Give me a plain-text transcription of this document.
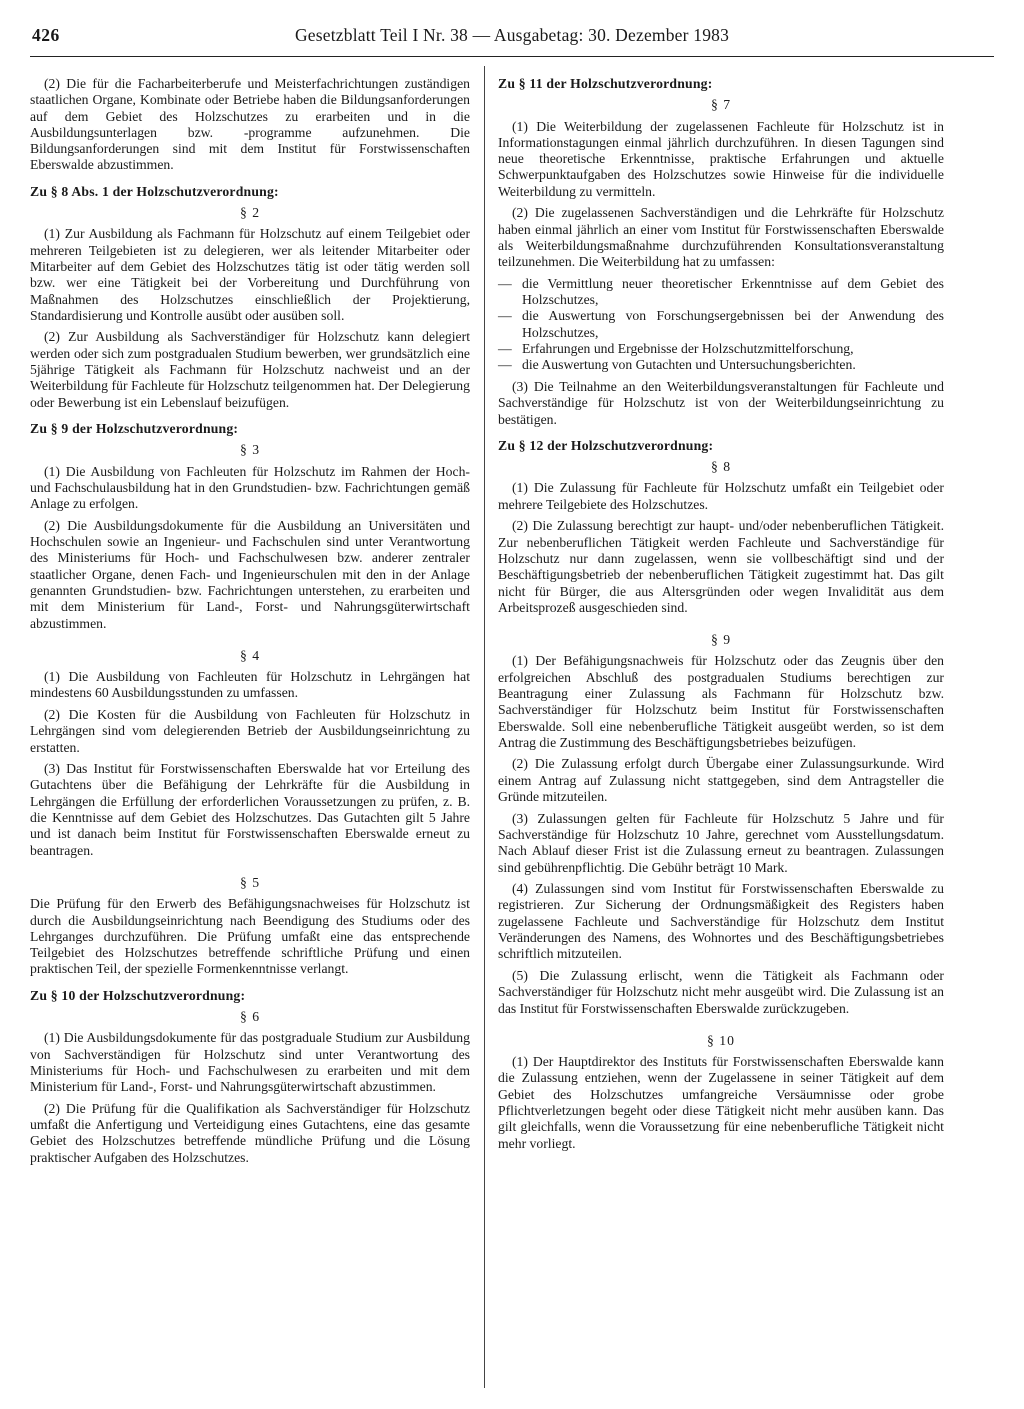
426	Gesetzblatt Teil I Nr. 38 — Ausgabetag: 30. Dezember 1983

(2) Die für die Facharbeiterberufe und Meisterfachrichtungen zuständigen staatlichen Organe, Kombinate oder Betriebe haben die Bildungsanforderungen auf dem Gebiet des Holzschutzes zu erarbeiten und in die Ausbildungsunterlagen bzw. -programme aufzunehmen. Die Bildungsanforderungen sind mit dem Institut für Forstwissenschaften Eberswalde abzustimmen.

Zu § 8 Abs. 1 der Holzschutzverordnung:
§ 2

(1) Zur Ausbildung als Fachmann für Holzschutz auf einem Teilgebiet oder mehreren Teilgebieten ist zu delegieren, wer als leitender Mitarbeiter oder Mitarbeiter auf dem Gebiet des Holzschutzes tätig ist oder tätig werden soll bzw. wer eine Tätigkeit bei der Vorbereitung und Durchführung von Maßnahmen des Holzschutzes einschließlich der Projektierung, Standardisierung und Kontrolle ausübt oder ausüben soll.

(2) Zur Ausbildung als Sachverständiger für Holzschutz kann delegiert werden oder sich zum postgradualen Studium bewerben, wer grundsätzlich eine 5jährige Tätigkeit als Fachmann für Holzschutz nachweist und an der Weiterbildung für Fachleute für Holzschutz teilgenommen hat. Der Delegierung oder Bewerbung ist ein Lebenslauf beizufügen.

Zu § 9 der Holzschutzverordnung:
§ 3

(1) Die Ausbildung von Fachleuten für Holzschutz im Rahmen der Hoch- und Fachschulausbildung hat in den Grundstudien- bzw. Fachrichtungen gemäß Anlage zu erfolgen.

(2) Die Ausbildungsdokumente für die Ausbildung an Universitäten und Hochschulen sowie an Ingenieur- und Fachschulen sind unter Verantwortung des Ministeriums für Hoch- und Fachschulwesen bzw. anderer zentraler staatlicher Organe, denen Fach- und Ingenieurschulen mit den in der Anlage genannten Grundstudien- bzw. Fachrichtungen unterstehen, zu erarbeiten und mit dem Ministerium für Land-, Forst- und Nahrungsgüterwirtschaft abzustimmen.

§ 4

(1) Die Ausbildung von Fachleuten für Holzschutz in Lehrgängen hat mindestens 60 Ausbildungsstunden zu umfassen.

(2) Die Kosten für die Ausbildung von Fachleuten für Holzschutz in Lehrgängen sind vom delegierenden Betrieb der Ausbildungseinrichtung zu erstatten.

(3) Das Institut für Forstwissenschaften Eberswalde hat vor Erteilung des Gutachtens über die Befähigung der Lehrkräfte für die Ausbildung in Lehrgängen die Erfüllung der erforderlichen Voraussetzungen zu prüfen, z. B. die Kenntnisse auf dem Gebiet des Holzschutzes. Das Gutachten gilt 5 Jahre und ist danach beim Institut für Forstwissenschaften Eberswalde erneut zu beantragen.

§ 5

Die Prüfung für den Erwerb des Befähigungsnachweises für Holzschutz ist durch die Ausbildungseinrichtung nach Beendigung des Studiums oder des Lehrganges durchzuführen. Die Prüfung umfaßt eine das entsprechende Teilgebiet des Holzschutzes betreffende schriftliche Prüfung und einen praktischen Teil, der spezielle Formenkenntnisse verlangt.

Zu § 10 der Holzschutzverordnung:
§ 6

(1) Die Ausbildungsdokumente für das postgraduale Studium zur Ausbildung von Sachverständigen für Holzschutz sind unter Verantwortung des Ministeriums für Hoch- und Fachschulwesen zu erarbeiten und mit dem Ministerium für Land-, Forst- und Nahrungsgüterwirtschaft abzustimmen.

(2) Die Prüfung für die Qualifikation als Sachverständiger für Holzschutz umfaßt die Anfertigung und Verteidigung eines Gutachtens, eine das gesamte Gebiet des Holzschutzes betreffende mündliche Prüfung und die Lösung praktischer Aufgaben des Holzschutzes.

Zu § 11 der Holzschutzverordnung:
§ 7

(1) Die Weiterbildung der zugelassenen Fachleute für Holzschutz ist in Informationstagungen einmal jährlich durchzuführen. In diesen Tagungen sind neue theoretische Erkenntnisse, praktische Erfahrungen und aktuelle Schwerpunktaufgaben des Holzschutzes sowie Hinweise für die individuelle Weiterbildung zu vermitteln.

(2) Die zugelassenen Sachverständigen und die Lehrkräfte für Holzschutz haben einmal jährlich an einer vom Institut für Forstwissenschaften Eberswalde als Weiterbildungsmaßnahme durchzuführenden Konsultationsveranstaltung teilzunehmen. Die Weiterbildung hat zu umfassen:

— die Vermittlung neuer theoretischer Erkenntnisse auf dem Gebiet des Holzschutzes,
— die Auswertung von Forschungsergebnissen bei der Anwendung des Holzschutzes,
— Erfahrungen und Ergebnisse der Holzschutzmittelforschung,
— die Auswertung von Gutachten und Untersuchungsberichten.

(3) Die Teilnahme an den Weiterbildungsveranstaltungen für Fachleute und Sachverständige für Holzschutz ist von der Weiterbildungseinrichtung zu bestätigen.

Zu § 12 der Holzschutzverordnung:
§ 8

(1) Die Zulassung für Fachleute für Holzschutz umfaßt ein Teilgebiet oder mehrere Teilgebiete des Holzschutzes.

(2) Die Zulassung berechtigt zur haupt- und/oder nebenberuflichen Tätigkeit. Zur nebenberuflichen Tätigkeit werden Fachleute und Sachverständige für Holzschutz nur dann zugelassen, wenn sie vollbeschäftigt sind und der Beschäftigungsbetrieb der nebenberuflichen Tätigkeit zugestimmt hat. Das gilt nicht für Bürger, die aus Altersgründen oder wegen Invalidität aus dem Arbeitsprozeß ausgeschieden sind.

§ 9

(1) Der Befähigungsnachweis für Holzschutz oder das Zeugnis über den erfolgreichen Abschluß des postgradualen Studiums berechtigen zur Beantragung einer Zulassung als Fachmann für Holzschutz bzw. Sachverständiger für Holzschutz beim Institut für Forstwissenschaften Eberswalde. Soll eine nebenberufliche Tätigkeit ausgeübt werden, so ist dem Antrag die Zustimmung des Beschäftigungsbetriebes beizufügen.

(2) Die Zulassung erfolgt durch Übergabe einer Zulassungsurkunde. Wird einem Antrag auf Zulassung nicht stattgegeben, sind dem Antragsteller die Gründe mitzuteilen.

(3) Zulassungen gelten für Fachleute für Holzschutz 5 Jahre und für Sachverständige für Holzschutz 10 Jahre, gerechnet vom Ausstellungsdatum. Nach Ablauf dieser Frist ist die Zulassung erneut zu beantragen. Zulassungen sind gebührenpflichtig. Die Gebühr beträgt 10 Mark.

(4) Zulassungen sind vom Institut für Forstwissenschaften Eberswalde zu registrieren. Zur Sicherung der Ordnungsmäßigkeit des Registers haben zugelassene Fachleute und Sachverständige für Holzschutz dem Institut Veränderungen des Namens, des Wohnortes und des Beschäftigungsbetriebes schriftlich mitzuteilen.

(5) Die Zulassung erlischt, wenn die Tätigkeit als Fachmann oder Sachverständiger für Holzschutz nicht mehr ausgeübt wird. Die Zulassung ist an das Institut für Forstwissenschaften Eberswalde zurückzugeben.

§ 10

(1) Der Hauptdirektor des Instituts für Forstwissenschaften Eberswalde kann die Zulassung entziehen, wenn der Zugelassene in seiner Tätigkeit auf dem Gebiet des Holzschutzes umfangreiche Versäumnisse oder grobe Pflichtverletzungen begeht oder diese Tätigkeit nicht mehr ausüben kann. Das gilt gleichfalls, wenn die Voraussetzung für eine nebenberufliche Tätigkeit nicht mehr vorliegt.
